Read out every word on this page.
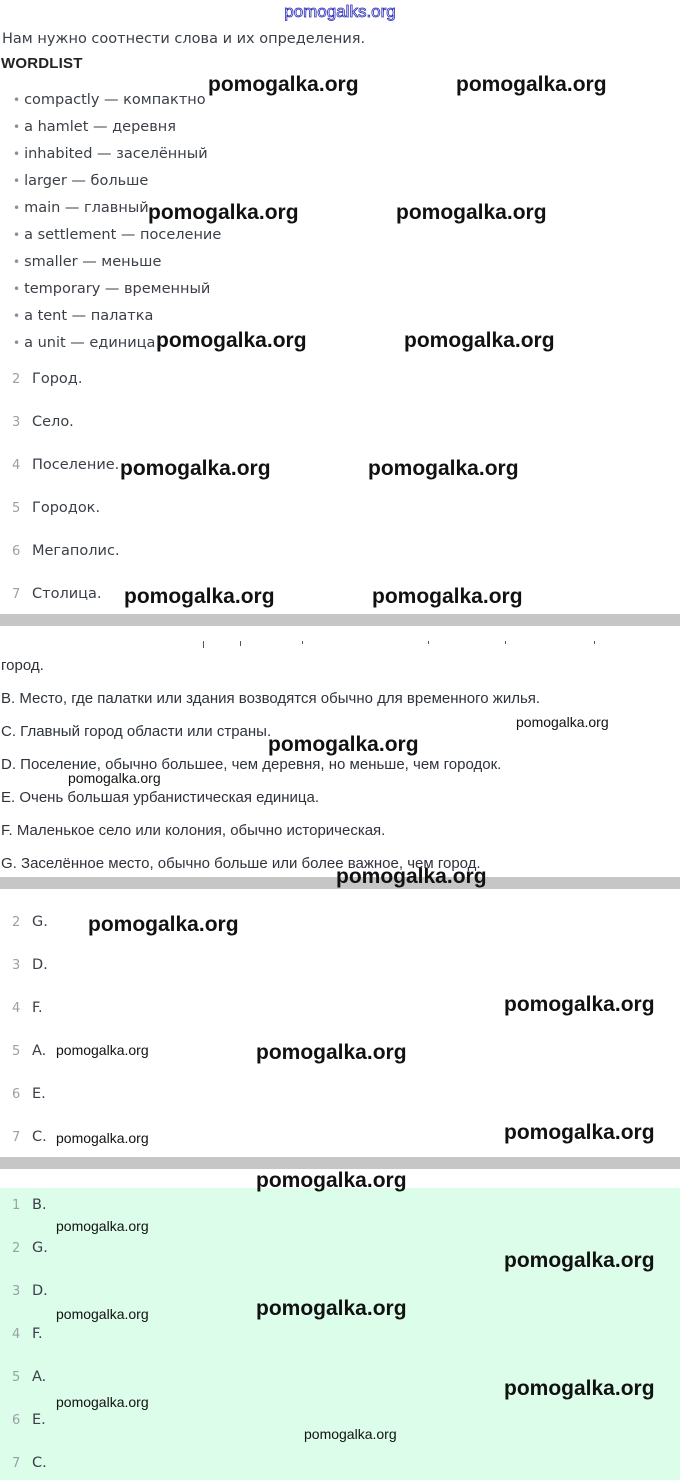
pomogalks.org
Нам нужно соотнести слова и их определения.
WORDLIST
• compactly — компактно
• a hamlet — деревня
• inhabited — заселённый
• larger — больше
• main — главный
• a settlement — поселение
• smaller — меньше
• temporary — временный
• a tent — палатка
• a unit — единица
2 Город.
3 Село.
4 Поселение.
5 Городок.
6 Мегаполис.
7 Столица.
город.
B. Место, где палатки или здания возводятся обычно для временного жилья.
C. Главный город области или страны.
D. Поселение, обычно большее, чем деревня, но меньше, чем городок.
E. Очень большая урбанистическая единица.
F. Маленькое село или колония, обычно историческая.
G. Заселённое место, обычно больше или более важное, чем город.
2 G.
3 D.
4 F.
5 A.
6 E.
7 C.
1 B.
2 G.
3 D.
4 F.
5 A.
6 E.
7 C.
pomogalka.org	pomogalka.org
pomogalka.org	pomogalka.org
pomogalka.org	pomogalka.org
pomogalka.org	pomogalka.org
pomogalka.org	pomogalka.org
pomogalka.org
pomogalka.org
pomogalka.org
pomogalka.org
pomogalka.org
pomogalka.org
pomogalka.org	pomogalka.org
pomogalka.org	pomogalka.org
pomogalka.org
pomogalka.org
pomogalka.org
pomogalka.org
pomogalka.org
pomogalka.org
pomogalka.org
pomogalka.org
